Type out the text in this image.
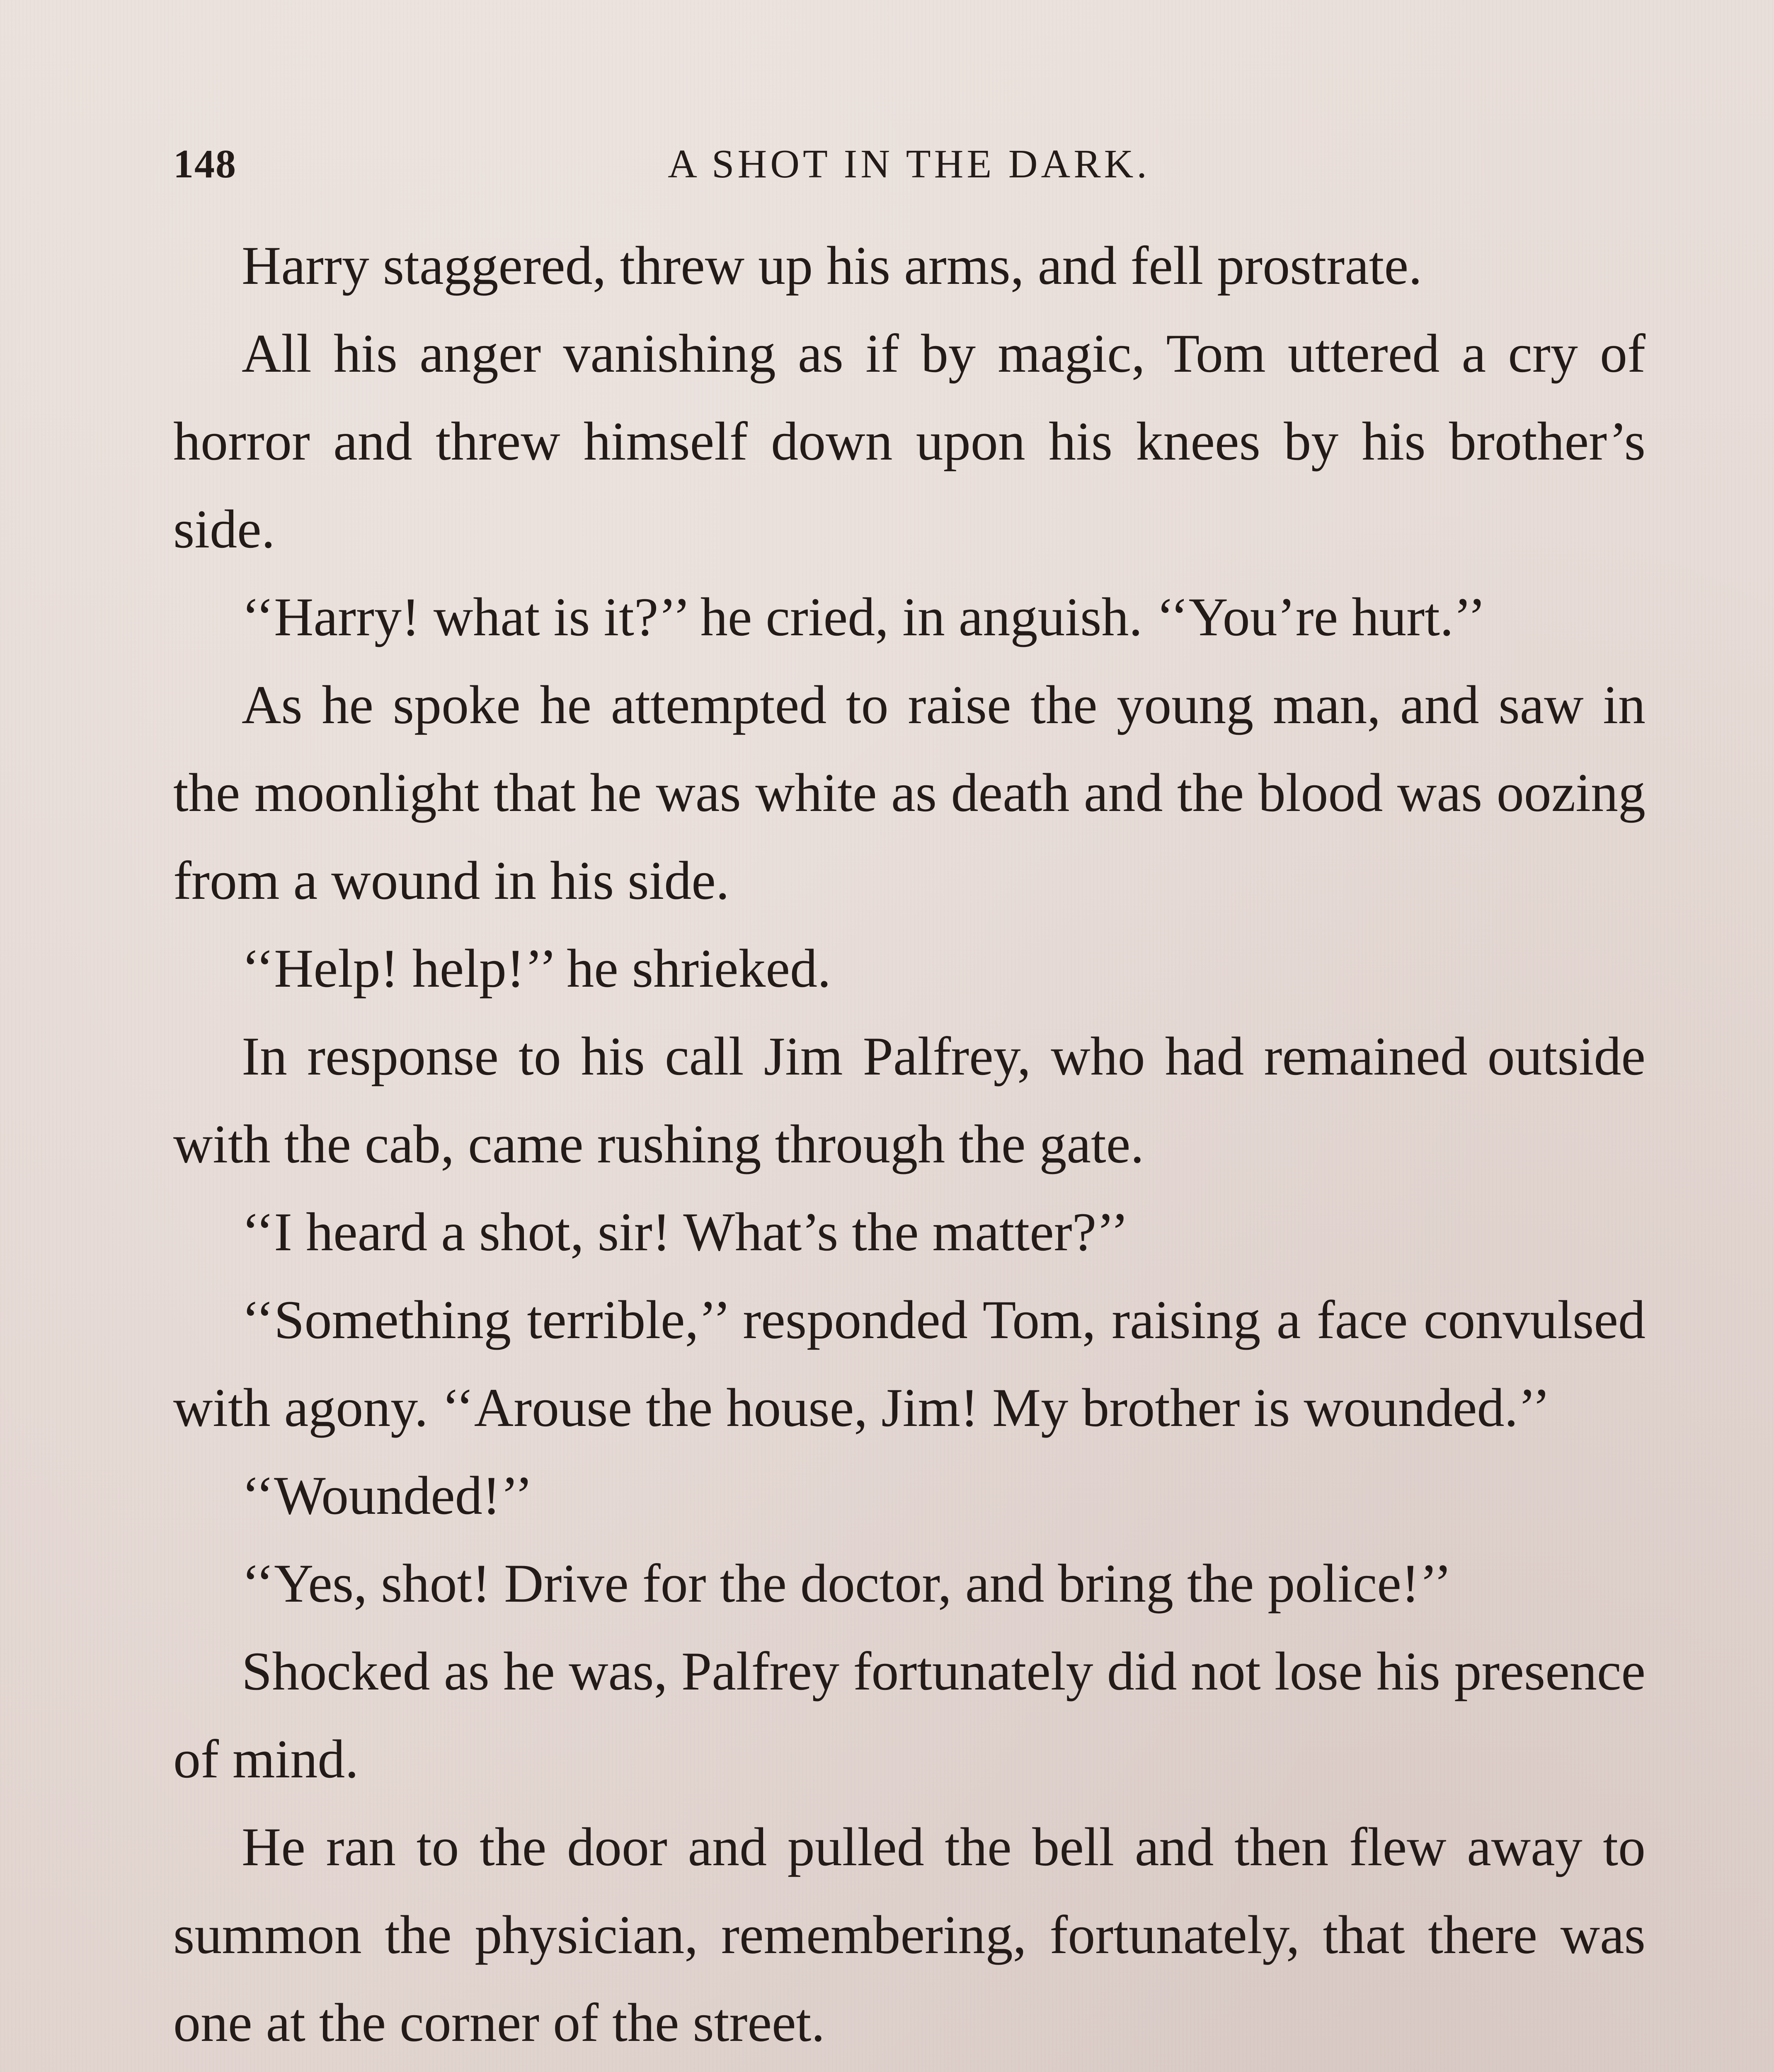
148	A SHOT IN THE DARK.

Harry staggered, threw up his arms, and fell prostrate.

All his anger vanishing as if by magic, Tom uttered a cry of horror and threw himself down upon his knees by his brother’s side.

‘‘Harry! what is it?’’ he cried, in anguish. ‘‘You’re hurt.’’

As he spoke he attempted to raise the young man, and saw in the moonlight that he was white as death and the blood was oozing from a wound in his side.

‘‘Help! help!’’ he shrieked.

In response to his call Jim Palfrey, who had remained outside with the cab, came rushing through the gate.

‘‘I heard a shot, sir! What’s the matter?’’

‘‘Something terrible,’’ responded Tom, raising a face convulsed with agony. ‘‘Arouse the house, Jim! My brother is wounded.’’

‘‘Wounded!’’

‘‘Yes, shot! Drive for the doctor, and bring the police!’’

Shocked as he was, Palfrey fortunately did not lose his presence of mind.

He ran to the door and pulled the bell and then flew away to summon the physician, remembering, fortunately, that there was one at the corner of the street.
